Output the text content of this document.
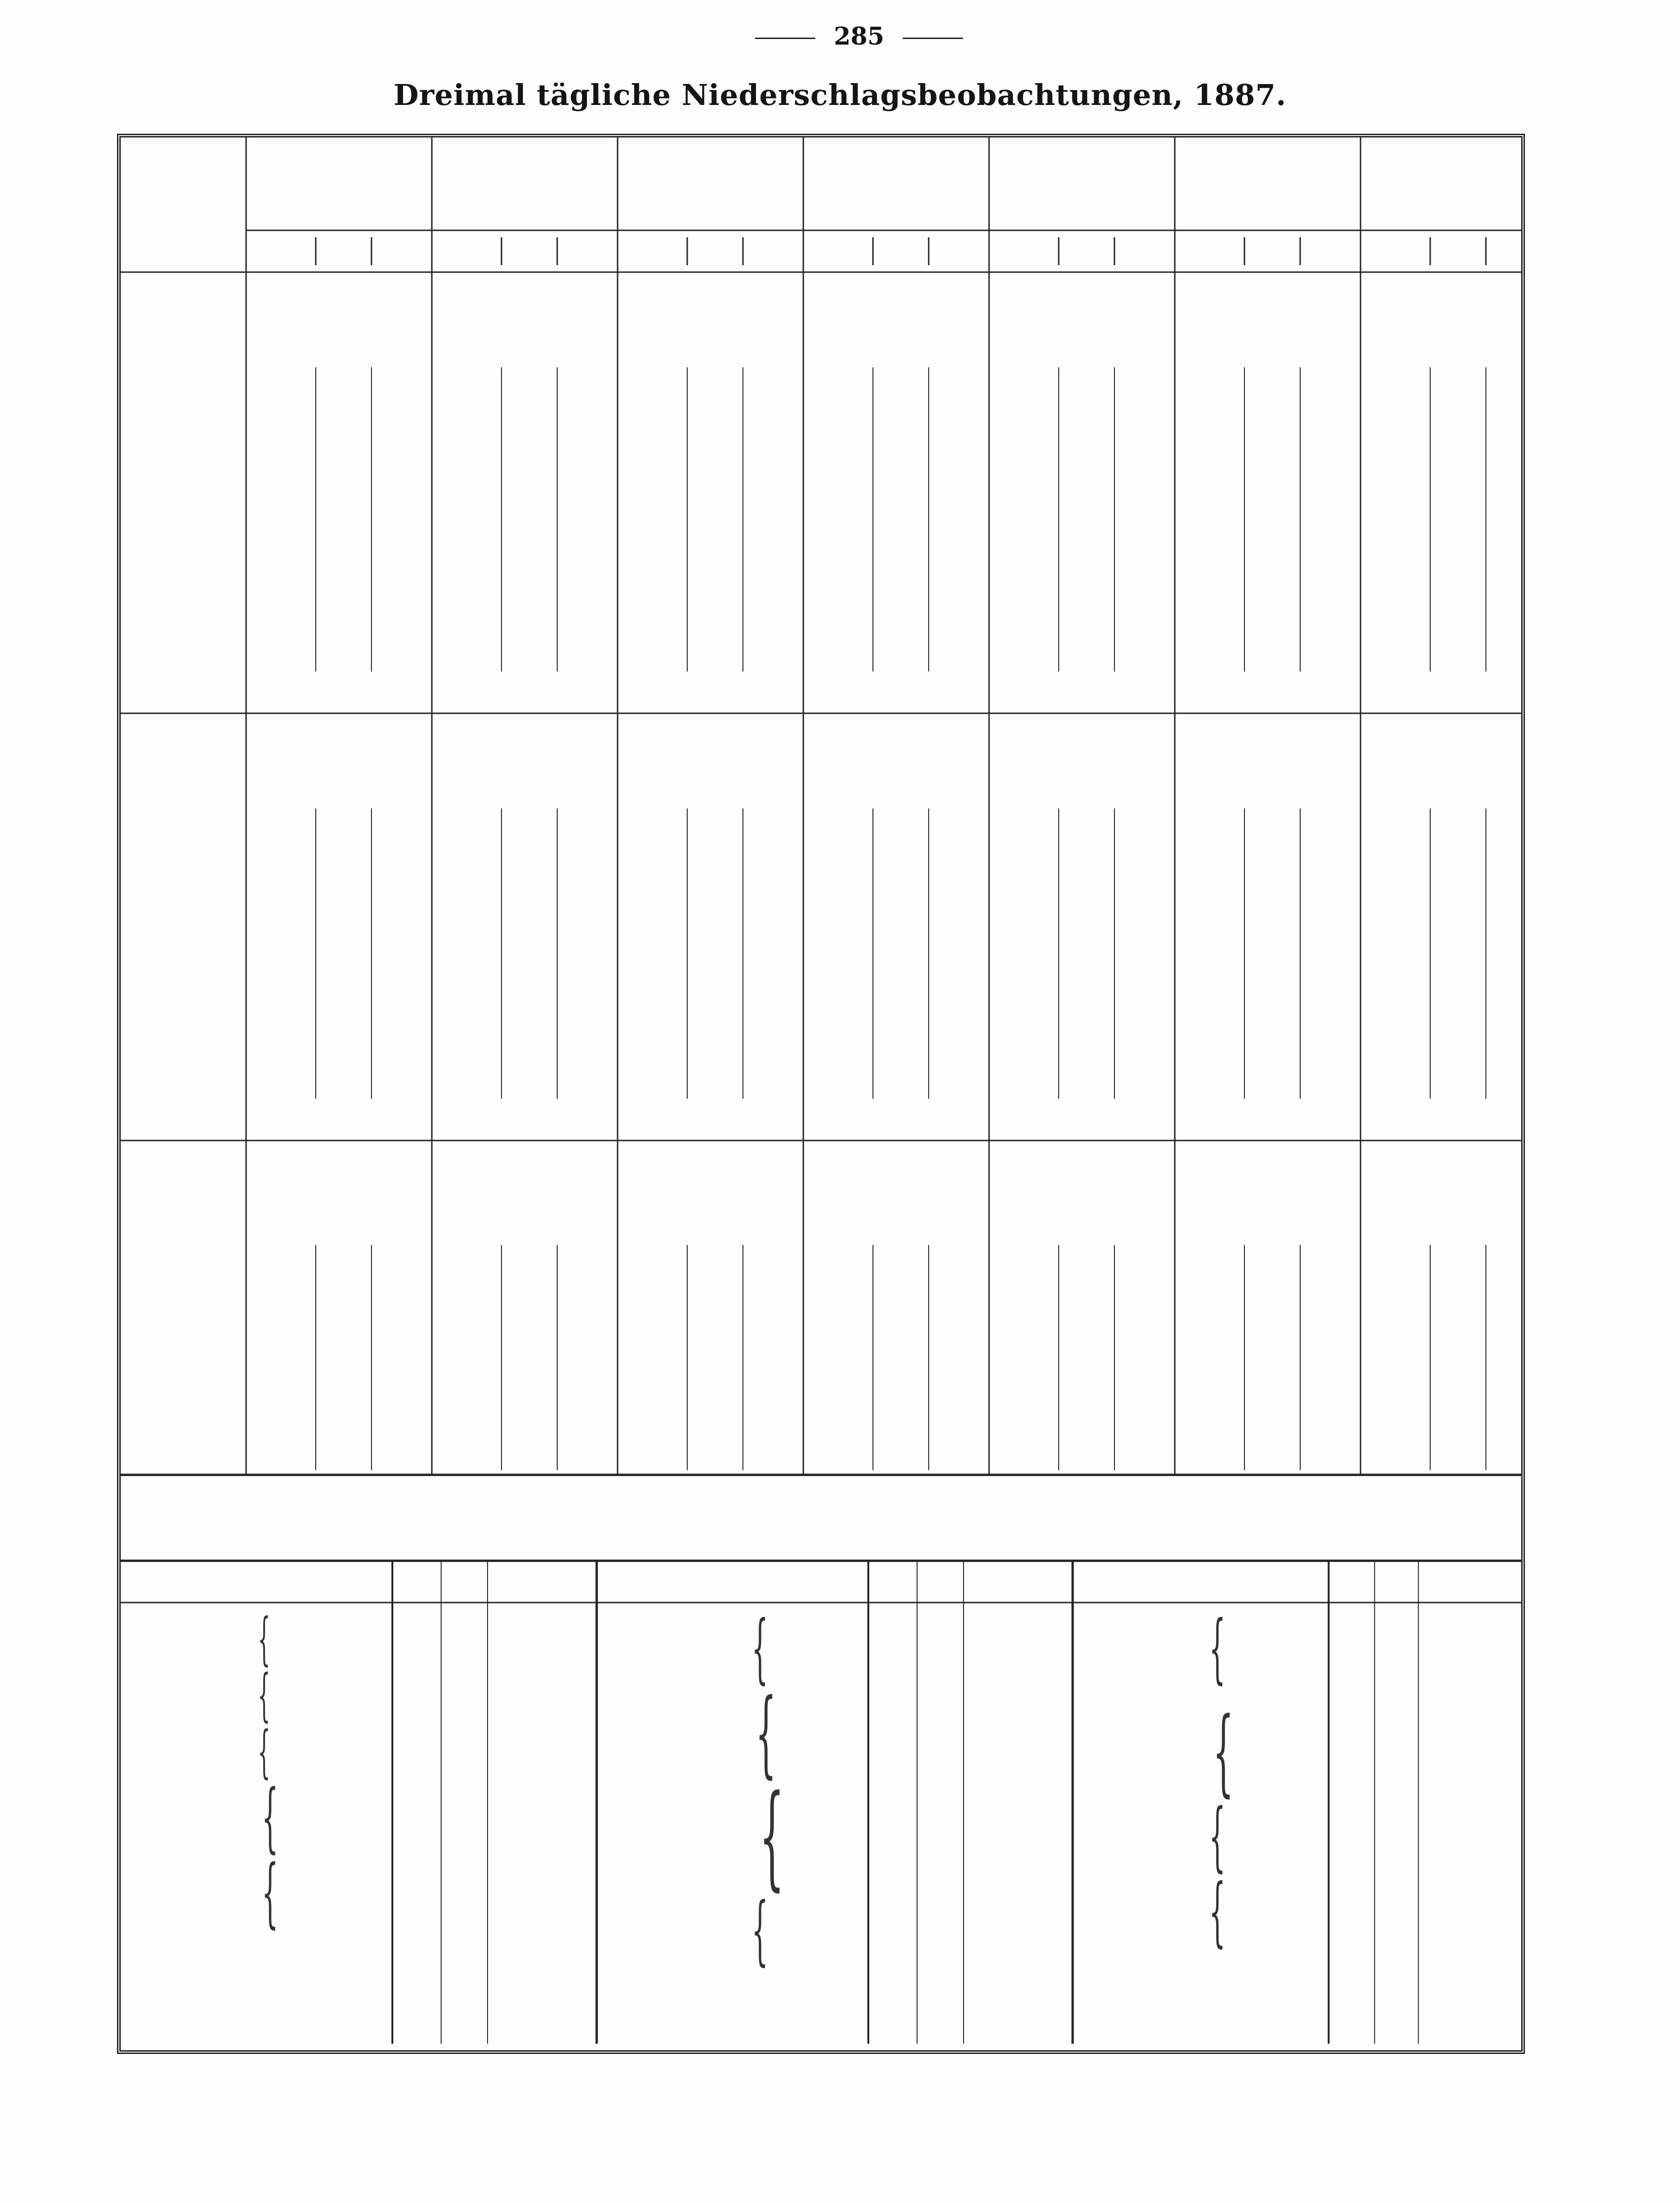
285
Dreimal tägliche Niederschlagsbeobachtungen, 1887.
{
{
{
{
{
{
{
{
{
{
{
{
{
